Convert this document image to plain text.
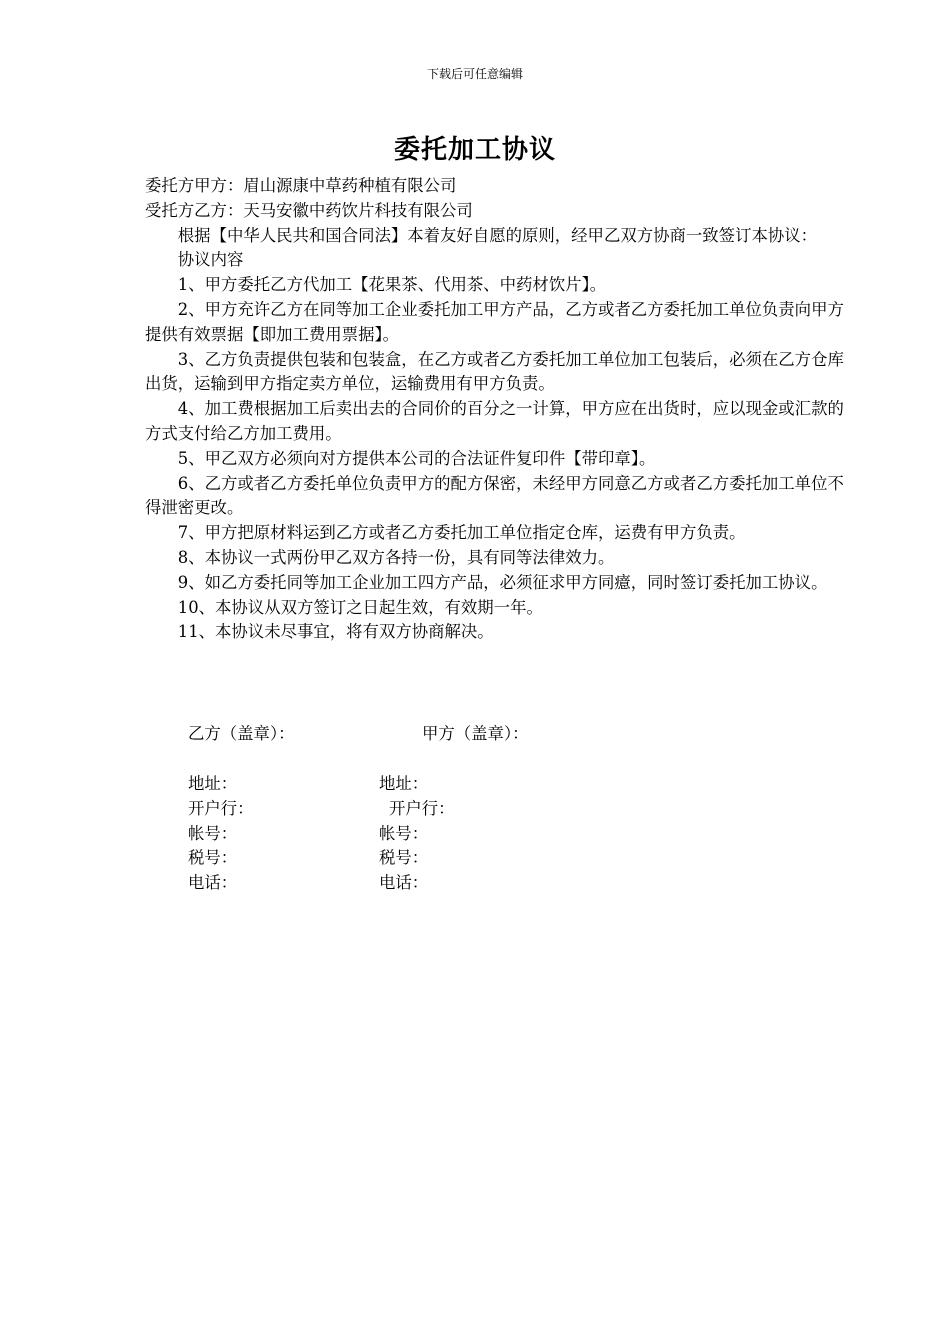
下载后可任意编辑
委托加工协议

委托方甲方：眉山源康中草药种植有限公司

受托方乙方：天马安徽中药饮片科技有限公司

根据【中华人民共和国合同法】本着友好自愿的原则，经甲乙双方协商一致签订本协议：

协议内容

1、甲方委托乙方代加工【花果茶、代用茶、中药材饮片】。

2、甲方充许乙方在同等加工企业委托加工甲方产品，乙方或者乙方委托加工单位负责向甲方提供有效票据【即加工费用票据】。

3、乙方负责提供包装和包装盒，在乙方或者乙方委托加工单位加工包装后，必须在乙方仓库出货，运输到甲方指定卖方单位，运输费用有甲方负责。

4、加工费根据加工后卖出去的合同价的百分之一计算，甲方应在出货时，应以现金或汇款的方式支付给乙方加工费用。

5、甲乙双方必须向对方提供本公司的合法证件复印件【带印章】。

6、乙方或者乙方委托单位负责甲方的配方保密，未经甲方同意乙方或者乙方委托加工单位不得泄密更改。

7、甲方把原材料运到乙方或者乙方委托加工单位指定仓库，运费有甲方负责。

8、本协议一式两份甲乙双方各持一份，具有同等法律效力。

9、如乙方委托同等加工企业加工四方产品，必须征求甲方同癔，同时签订委托加工协议。

10、本协议从双方签订之日起生效，有效期一年。

11、本协议未尽事宜，将有双方协商解决。

乙方（盖章）：	甲方（盖章）：
地址：	地址：
开户行：	开户行：
帐号：	帐号：
税号：	税号：
电话：	电话：
